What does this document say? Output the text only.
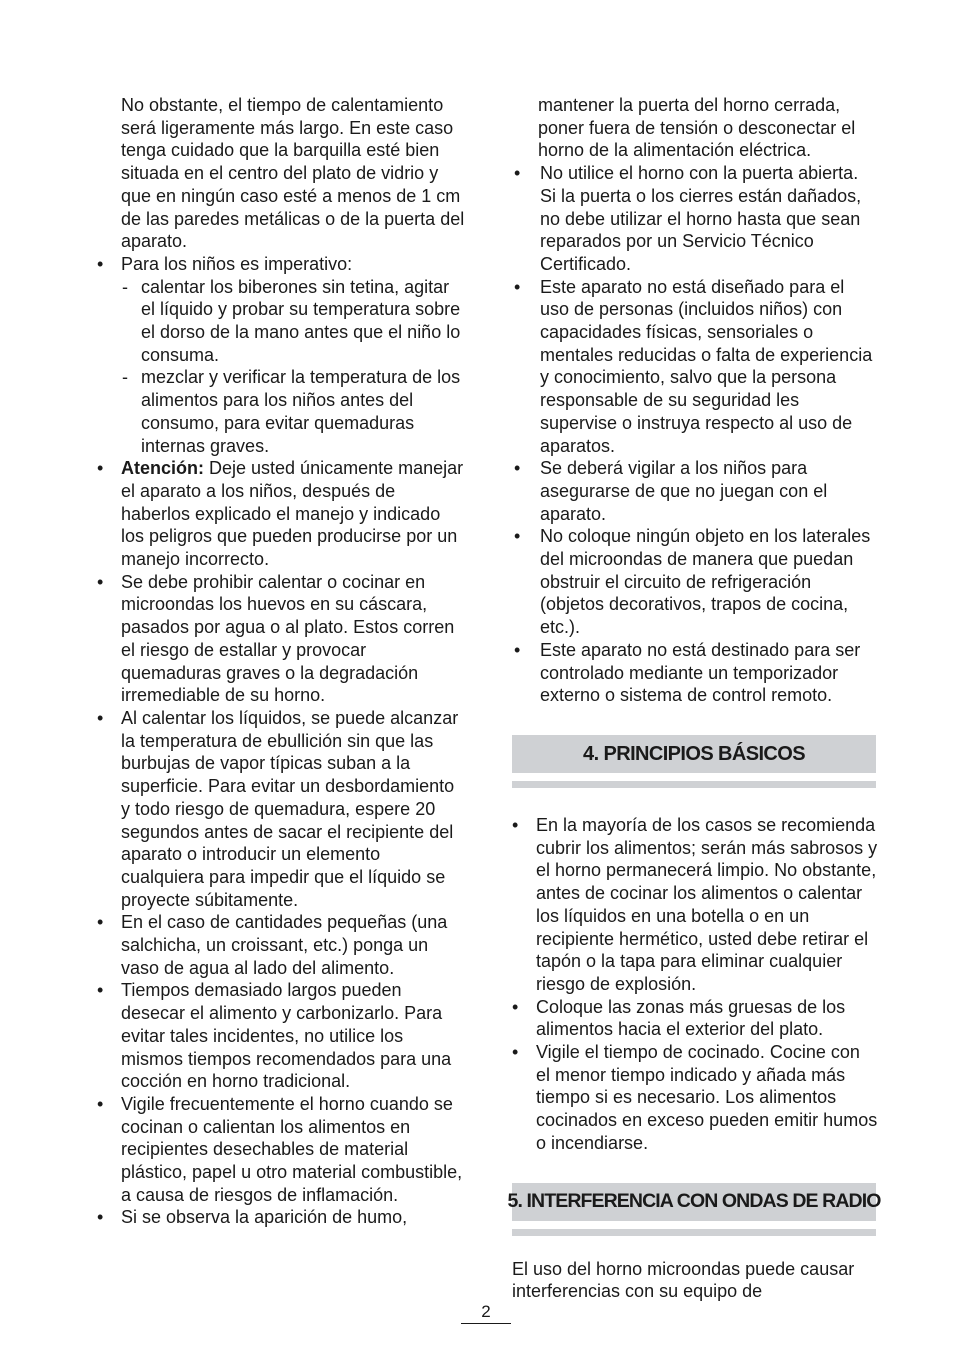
No obstante, el tiempo de calentamiento será ligeramente más largo. En este caso tenga cuidado que la barquilla esté bien situada en el centro del plato de vidrio y que en ningún caso esté a menos de 1 cm de las paredes metálicas o de la puerta del aparato.

• Para los niños es imperativo:
- calentar los biberones sin tetina, agitar el líquido y probar su temperatura sobre el dorso de la mano antes que el niño lo consuma.
- mezclar y verificar la temperatura de los alimentos para los niños antes del consumo, para evitar quemaduras internas graves.
• Atención: Deje usted únicamente manejar el aparato a los niños, después de haberlos explicado el manejo y indicado los peligros que pueden producirse por un manejo incorrecto.
• Se debe prohibir calentar o cocinar en microondas los huevos en su cáscara, pasados por agua o al plato. Estos corren el riesgo de estallar y provocar quemaduras graves o la degradación irremediable de su horno.
• Al calentar los líquidos, se puede alcanzar la temperatura de ebullición sin que las burbujas de vapor típicas suban a la superficie. Para evitar un desbordamiento y todo riesgo de quemadura, espere 20 segundos antes de sacar el recipiente del aparato o introducir un elemento cualquiera para impedir que el líquido se proyecte súbitamente.
• En el caso de cantidades pequeñas (una salchicha, un croissant, etc.) ponga un vaso de agua al lado del alimento.
• Tiempos demasiado largos pueden desecar el alimento y carbonizarlo. Para evitar tales incidentes, no utilice los mismos tiempos recomendados para una cocción en horno tradicional.
• Vigile frecuentemente el horno cuando se cocinan o calientan los alimentos en recipientes desechables de material plástico, papel u otro material combustible, a causa de riesgos de inflamación.
• Si se observa la aparición de humo,

mantener la puerta del horno cerrada, poner fuera de tensión o desconectar el horno de la alimentación eléctrica.

• No utilice el horno con la puerta abierta. Si la puerta o los cierres están dañados, no debe utilizar el horno hasta que sean reparados por un Servicio Técnico Certificado.
• Este aparato no está diseñado para el uso de personas (incluidos niños) con capacidades físicas, sensoriales o mentales reducidas o falta de experiencia y conocimiento, salvo que la persona responsable de su seguridad les supervise o instruya respecto al uso de aparatos.
• Se deberá vigilar a los niños para asegurarse de que no juegan con el aparato.
• No coloque ningún objeto en los laterales del microondas de manera que puedan obstruir el circuito de refrigeración (objetos decorativos, trapos de cocina, etc.).
• Este aparato no está destinado para ser controlado mediante un temporizador externo o sistema de control remoto.
4. PRINCIPIOS BÁSICOS
• En la mayoría de los casos se recomienda cubrir los alimentos; serán más sabrosos y el horno permanecerá limpio. No obstante, antes de cocinar los alimentos o calentar los líquidos en una botella o en un recipiente hermético, usted debe retirar el tapón o la tapa para eliminar cualquier riesgo de explosión.
• Coloque las zonas más gruesas de los alimentos hacia el exterior del plato.
• Vigile el tiempo de cocinado. Cocine con el menor tiempo indicado y añada más tiempo si es necesario. Los alimentos cocinados en exceso pueden emitir humos o incendiarse.
5. INTERFERENCIA CON ONDAS DE RADIO

El uso del horno microondas puede causar interferencias con su equipo de

2
